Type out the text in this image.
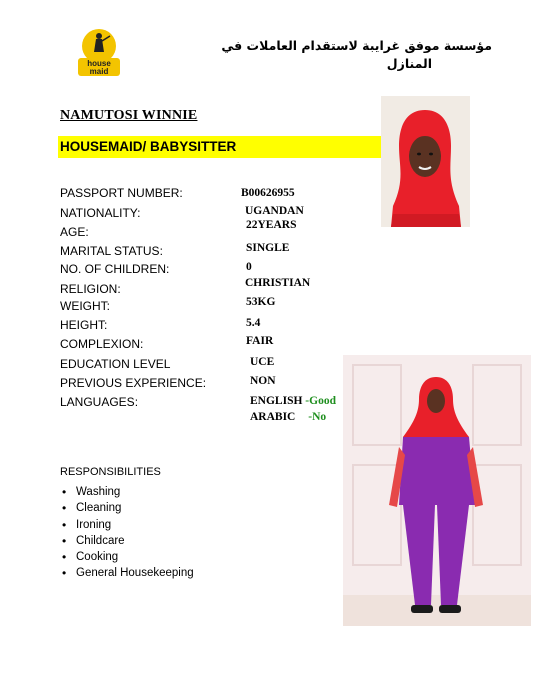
house
maid
مؤسسة موفق غرايبة لاستقدام العاملات في
المنازل
NAMUTOSI WINNIE
HOUSEMAID/ BABYSITTER
PASSPORT NUMBER:
NATIONALITY:
AGE:
MARITAL STATUS:
NO. OF CHILDREN:
RELIGION:
WEIGHT:
HEIGHT:
COMPLEXION:
EDUCATION LEVEL
PREVIOUS EXPERIENCE:
LANGUAGES:
B00626955
UGANDAN
22YEARS
SINGLE
0
CHRISTIAN
53KG
5.4
FAIR
UCE
NON
ENGLISH -Good
ARABIC -No
RESPONSIBILITIES
• Washing
• Cleaning
• Ironing
• Childcare
• Cooking
• General Housekeeping
